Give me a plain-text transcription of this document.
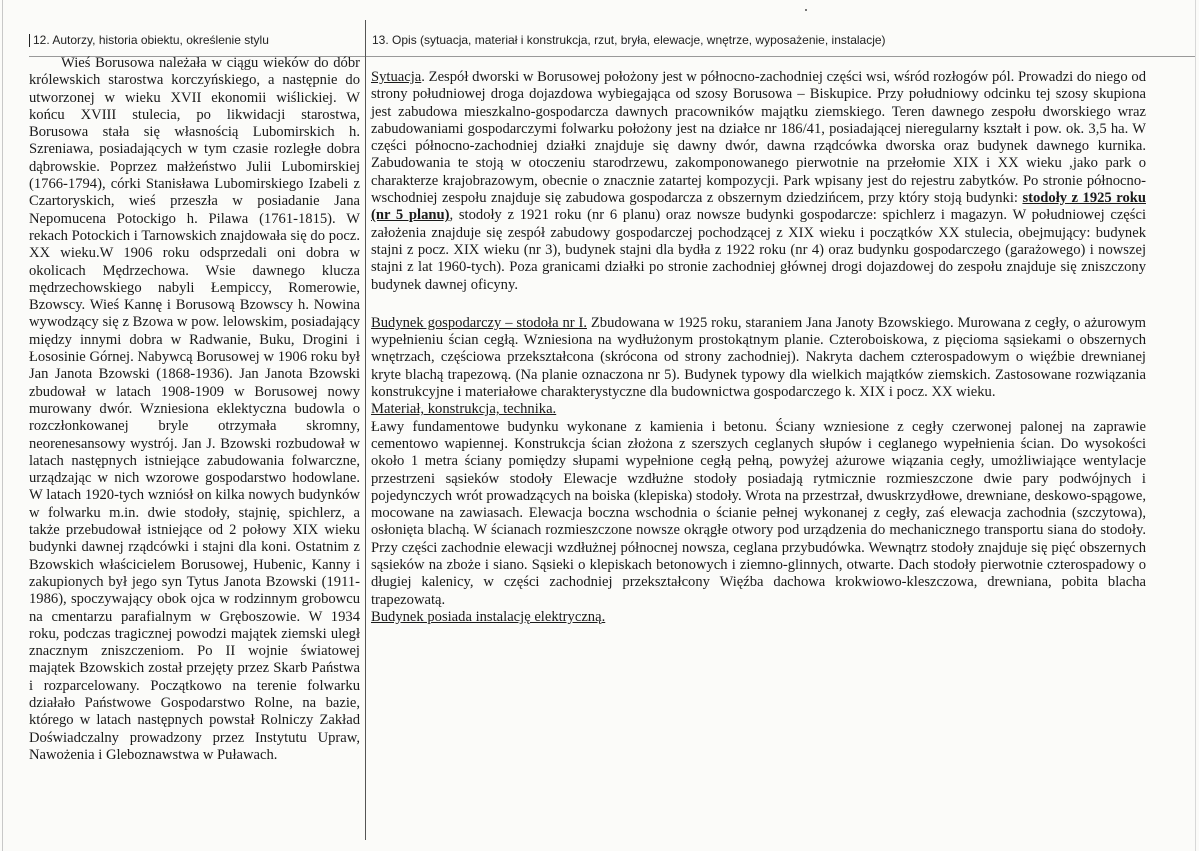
12. Autorzy, historia obiektu, określenie stylu	13. Opis (sytuacja, materiał i konstrukcja, rzut, bryła, elewacje, wnętrze, wyposażenie, instalacje)

Wieś Borusowa należała w ciągu wieków do dóbr królewskich starostwa korczyńskiego, a następnie do utworzonej w wieku XVII ekonomii wiślickiej. W końcu XVIII stulecia, po likwidacji starostwa, Borusowa stała się własnością Lubomirskich h. Szreniawa, posiadających w tym czasie rozległe dobra dąbrowskie. Poprzez małżeństwo Julii Lubomirskiej (1766-1794), córki Stanisława Lubomirskiego Izabeli z Czartoryskich, wieś przeszła w posiadanie Jana Nepomucena Potockigo h. Pilawa (1761-1815). W rekach Potockich i Tarnowskich znajdowała się do pocz. XX wieku.W 1906 roku odsprzedali oni dobra w okolicach Mędrzechowa. Wsie dawnego klucza mędrzechowskiego nabyli Łempiccy, Romerowie, Bzowscy. Wieś Kannę i Borusową Bzowscy h. Nowina wywodzący się z Bzowa w pow. lelowskim, posiadający między innymi dobra w Radwanie, Buku, Drogini i Łososinie Górnej. Nabywcą Borusowej w 1906 roku był Jan Janota Bzowski (1868-1936). Jan Janota Bzowski zbudował w latach 1908-1909 w Borusowej nowy murowany dwór. Wzniesiona eklektyczna budowla o rozczłonkowanej bryle otrzymała skromny, neorenesansowy wystrój. Jan J. Bzowski rozbudował w latach następnych istniejące zabudowania folwarczne, urządzając w nich wzorowe gospodarstwo hodowlane. W latach 1920-tych wzniósł on kilka nowych budynków w folwarku m.in. dwie stodoły, stajnię, spichlerz, a także przebudował istniejące od 2 połowy XIX wieku budynki dawnej rządcówki i stajni dla koni. Ostatnim z Bzowskich właścicielem Borusowej, Hubenic, Kanny i zakupionych był jego syn Tytus Janota Bzowski (1911-1986), spoczywający obok ojca w rodzinnym grobowcu na cmentarzu parafialnym w Gręboszowie. W 1934 roku, podczas tragicznej powodzi majątek ziemski uległ znacznym zniszczeniom. Po II wojnie światowej majątek Bzowskich został przejęty przez Skarb Państwa i rozparcelowany. Początkowo na terenie folwarku działało Państwowe Gospodarstwo Rolne, na bazie, którego w latach następnych powstał Rolniczy Zakład Doświadczalny prowadzony przez Instytutu Upraw, Nawożenia i Gleboznawstwa w Puławach.

Sytuacja. Zespół dworski w Borusowej położony jest w północno-zachodniej części wsi, wśród rozłogów pól. Prowadzi do niego od strony południowej droga dojazdowa wybiegająca od szosy Borusowa – Biskupice. Przy południowy odcinku tej szosy skupiona jest zabudowa mieszkalno-gospodarcza dawnych pracowników majątku ziemskiego. Teren dawnego zespołu dworskiego wraz zabudowaniami gospodarczymi folwarku położony jest na działce nr 186/41, posiadającej nieregularny kształt i pow. ok. 3,5 ha. W części północno-zachodniej działki znajduje się dawny dwór, dawna rządcówka dworska oraz budynek dawnego kurnika. Zabudowania te stoją w otoczeniu starodrzewu, zakomponowanego pierwotnie na przełomie XIX i XX wieku ,jako park o charakterze krajobrazowym, obecnie o znacznie zatartej kompozycji. Park wpisany jest do rejestru zabytków. Po stronie północno-wschodniej zespołu znajduje się zabudowa gospodarcza z obszernym dziedzińcem, przy który stoją budynki: stodoły z 1925 roku (nr 5 planu), stodoły z 1921 roku (nr 6 planu) oraz nowsze budynki gospodarcze: spichlerz i magazyn. W południowej części założenia znajduje się zespół zabudowy gospodarczej pochodzącej z XIX wieku i początków XX stulecia, obejmujący: budynek stajni z pocz. XIX wieku (nr 3), budynek stajni dla bydła z 1922 roku (nr 4) oraz budynku gospodarczego (garażowego) i nowszej stajni z lat 1960-tych). Poza granicami działki po stronie zachodniej głównej drogi dojazdowej do zespołu znajduje się zniszczony budynek dawnej oficyny.

Budynek gospodarczy – stodoła nr I. Zbudowana w 1925 roku, staraniem Jana Janoty Bzowskiego. Murowana z cegły, o ażurowym wypełnieniu ścian cegłą. Wzniesiona na wydłużonym prostokątnym planie. Czteroboiskowa, z pięcioma sąsiekami o obszernych wnętrzach, częściowa przekształcona (skrócona od strony zachodniej). Nakryta dachem czterospadowym o więźbie drewnianej kryte blachą trapezową. (Na planie oznaczona nr 5). Budynek typowy dla wielkich majątków ziemskich. Zastosowane rozwiązania konstrukcyjne i materiałowe charakterystyczne dla budownictwa gospodarczego k. XIX i pocz. XX wieku.

Materiał, konstrukcja, technika.

Ławy fundamentowe budynku wykonane z kamienia i betonu. Ściany wzniesione z cegły czerwonej palonej na zaprawie cementowo wapiennej. Konstrukcja ścian złożona z szerszych ceglanych słupów i ceglanego wypełnienia ścian. Do wysokości około 1 metra ściany pomiędzy słupami wypełnione cegłą pełną, powyżej ażurowe wiązania cegły, umożliwiające wentylacje przestrzeni sąsieków stodoły Elewacje wzdłużne stodoły posiadają rytmicznie rozmieszczone dwie pary podwójnych i pojedynczych wrót prowadzących na boiska (klepiska) stodoły. Wrota na przestrzał, dwuskrzydłowe, drewniane, deskowo-spągowe, mocowane na zawiasach. Elewacja boczna wschodnia o ścianie pełnej wykonanej z cegły, zaś elewacja zachodnia (szczytowa), osłonięta blachą. W ścianach rozmieszczone nowsze okrągłe otwory pod urządzenia do mechanicznego transportu siana do stodoły. Przy części zachodnie elewacji wzdłużnej północnej nowsza, ceglana przybudówka. Wewnątrz stodoły znajduje się pięć obszernych sąsieków na zboże i siano. Sąsieki o klepiskach betonowych i ziemno-glinnych, otwarte. Dach stodoły pierwotnie czterospadowy o długiej kalenicy, w części zachodniej przekształcony Więźba dachowa krokwiowo-kleszczowa, drewniana, pobita blacha trapezowatą.

Budynek posiada instalację elektryczną.
